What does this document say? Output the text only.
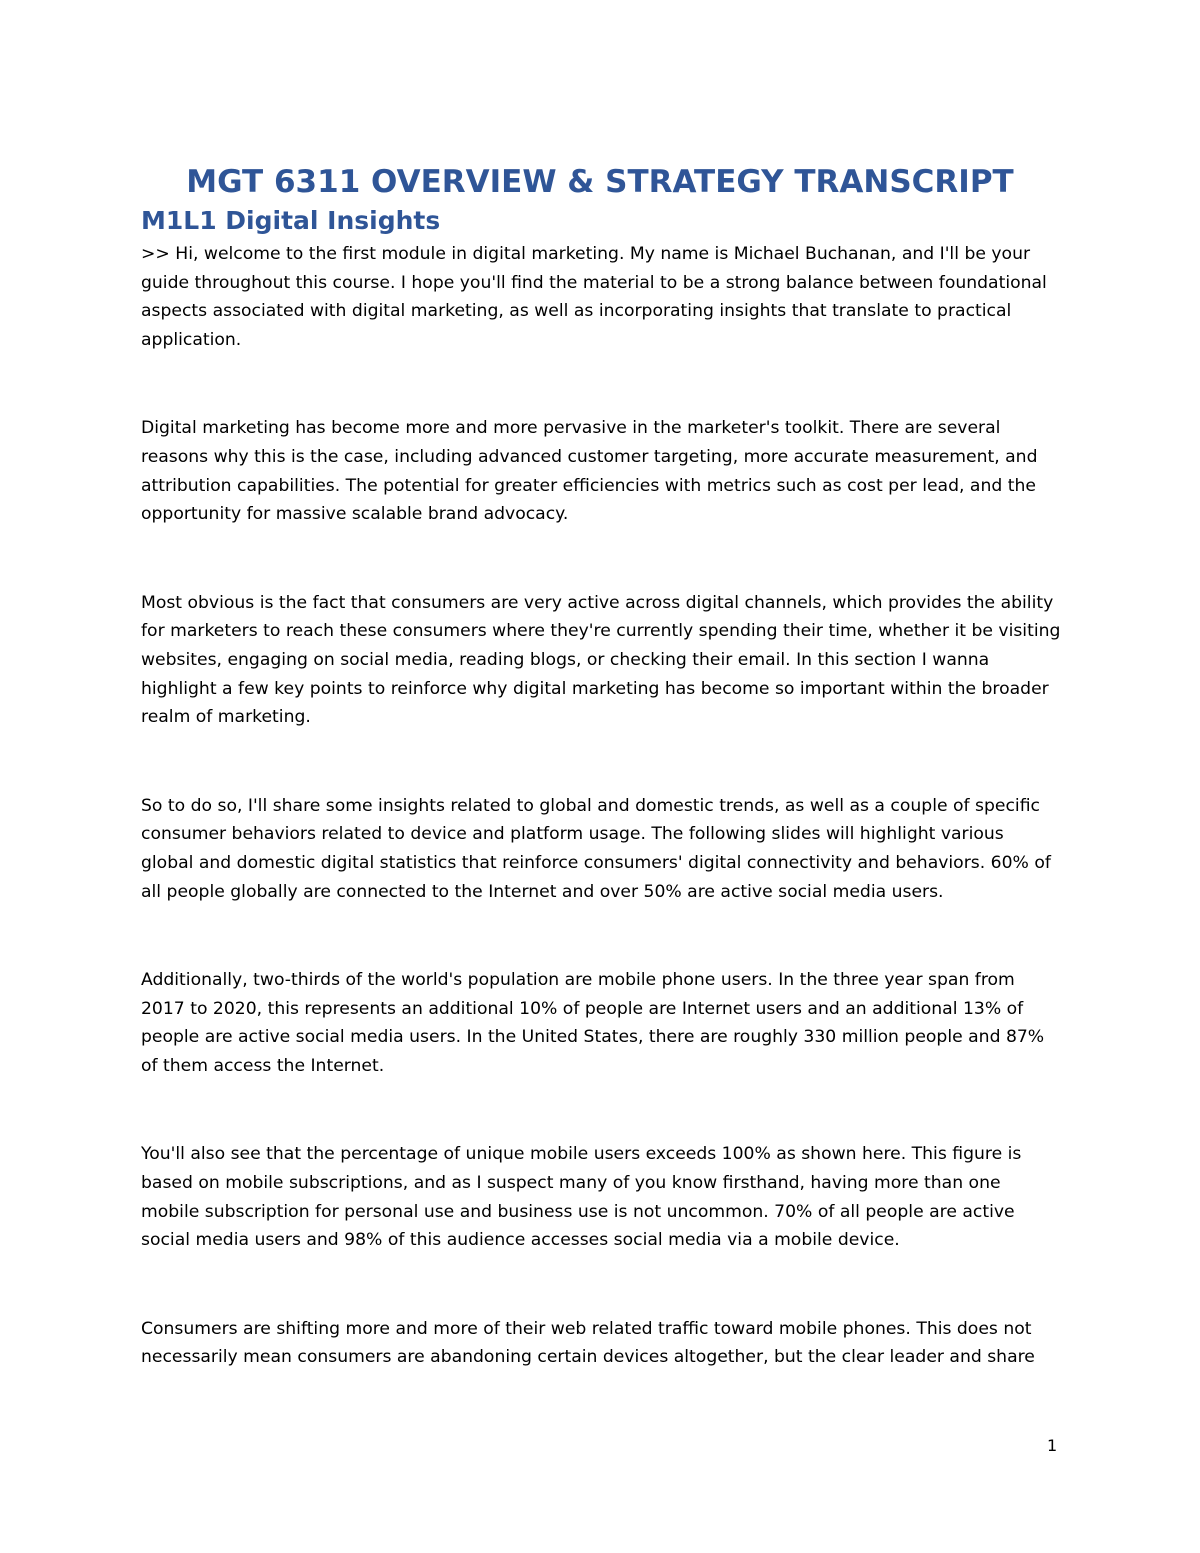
MGT 6311 OVERVIEW & STRATEGY TRANSCRIPT
M1L1 Digital Insights

>> Hi, welcome to the first module in digital marketing. My name is Michael Buchanan, and I'll be your guide throughout this course. I hope you'll find the material to be a strong balance between foundational aspects associated with digital marketing, as well as incorporating insights that translate to practical application.

Digital marketing has become more and more pervasive in the marketer's toolkit. There are several reasons why this is the case, including advanced customer targeting, more accurate measurement, and attribution capabilities. The potential for greater efficiencies with metrics such as cost per lead, and the opportunity for massive scalable brand advocacy.

Most obvious is the fact that consumers are very active across digital channels, which provides the ability for marketers to reach these consumers where they're currently spending their time, whether it be visiting websites, engaging on social media, reading blogs, or checking their email. In this section I wanna highlight a few key points to reinforce why digital marketing has become so important within the broader realm of marketing.

So to do so, I'll share some insights related to global and domestic trends, as well as a couple of specific consumer behaviors related to device and platform usage. The following slides will highlight various global and domestic digital statistics that reinforce consumers' digital connectivity and behaviors. 60% of all people globally are connected to the Internet and over 50% are active social media users.

Additionally, two-thirds of the world's population are mobile phone users. In the three year span from 2017 to 2020, this represents an additional 10% of people are Internet users and an additional 13% of people are active social media users. In the United States, there are roughly 330 million people and 87% of them access the Internet.

You'll also see that the percentage of unique mobile users exceeds 100% as shown here. This figure is based on mobile subscriptions, and as I suspect many of you know firsthand, having more than one mobile subscription for personal use and business use is not uncommon. 70% of all people are active social media users and 98% of this audience accesses social media via a mobile device.

Consumers are shifting more and more of their web related traffic toward mobile phones. This does not necessarily mean consumers are abandoning certain devices altogether, but the clear leader and share

1
